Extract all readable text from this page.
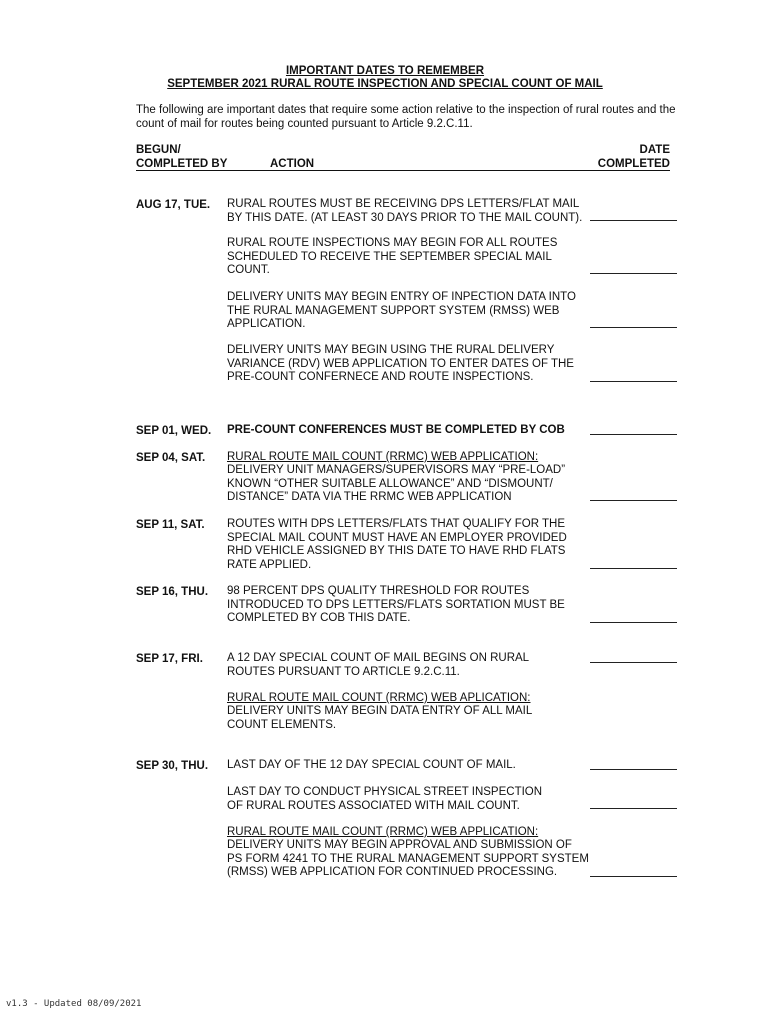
IMPORTANT DATES TO REMEMBER
SEPTEMBER 2021 RURAL ROUTE INSPECTION AND SPECIAL COUNT OF MAIL
The following are important dates that require some action relative to the inspection of rural routes and the count of mail for routes being counted pursuant to Article 9.2.C.11.
BEGUN/
COMPLETED BY	ACTION
DATE
COMPLETED
AUG 17, TUE. RURAL ROUTES MUST BE RECEIVING DPS LETTERS/FLAT MAIL
BY THIS DATE. (AT LEAST 30 DAYS PRIOR TO THE MAIL COUNT).
RURAL ROUTE INSPECTIONS MAY BEGIN FOR ALL ROUTES
SCHEDULED TO RECEIVE THE SEPTEMBER SPECIAL MAIL
COUNT.
DELIVERY UNITS MAY BEGIN ENTRY OF INPECTION DATA INTO
THE RURAL MANAGEMENT SUPPORT SYSTEM (RMSS) WEB
APPLICATION.
DELIVERY UNITS MAY BEGIN USING THE RURAL DELIVERY
VARIANCE (RDV) WEB APPLICATION TO ENTER DATES OF THE
PRE-COUNT CONFERNECE AND ROUTE INSPECTIONS.
SEP 01, WED. PRE-COUNT CONFERENCES MUST BE COMPLETED BY COB
SEP 04, SAT. RURAL ROUTE MAIL COUNT (RRMC) WEB APPLICATION:
DELIVERY UNIT MANAGERS/SUPERVISORS MAY “PRE-LOAD”
KNOWN “OTHER SUITABLE ALLOWANCE” AND “DISMOUNT/
DISTANCE” DATA VIA THE RRMC WEB APPLICATION
SEP 11, SAT. ROUTES WITH DPS LETTERS/FLATS THAT QUALIFY FOR THE
SPECIAL MAIL COUNT MUST HAVE AN EMPLOYER PROVIDED
RHD VEHICLE ASSIGNED BY THIS DATE TO HAVE RHD FLATS
RATE APPLIED.
SEP 16, THU. 98 PERCENT DPS QUALITY THRESHOLD FOR ROUTES
INTRODUCED TO DPS LETTERS/FLATS SORTATION MUST BE
COMPLETED BY COB THIS DATE.
SEP 17, FRI. A 12 DAY SPECIAL COUNT OF MAIL BEGINS ON RURAL
ROUTES PURSUANT TO ARTICLE 9.2.C.11.
RURAL ROUTE MAIL COUNT (RRMC) WEB APLICATION:
DELIVERY UNITS MAY BEGIN DATA ENTRY OF ALL MAIL
COUNT ELEMENTS.
SEP 30, THU. LAST DAY OF THE 12 DAY SPECIAL COUNT OF MAIL.
LAST DAY TO CONDUCT PHYSICAL STREET INSPECTION
OF RURAL ROUTES ASSOCIATED WITH MAIL COUNT.
RURAL ROUTE MAIL COUNT (RRMC) WEB APPLICATION:
DELIVERY UNITS MAY BEGIN APPROVAL AND SUBMISSION OF
PS FORM 4241 TO THE RURAL MANAGEMENT SUPPORT SYSTEM
(RMSS) WEB APPLICATION FOR CONTINUED PROCESSING.
v1.3 - Updated 08/09/2021
